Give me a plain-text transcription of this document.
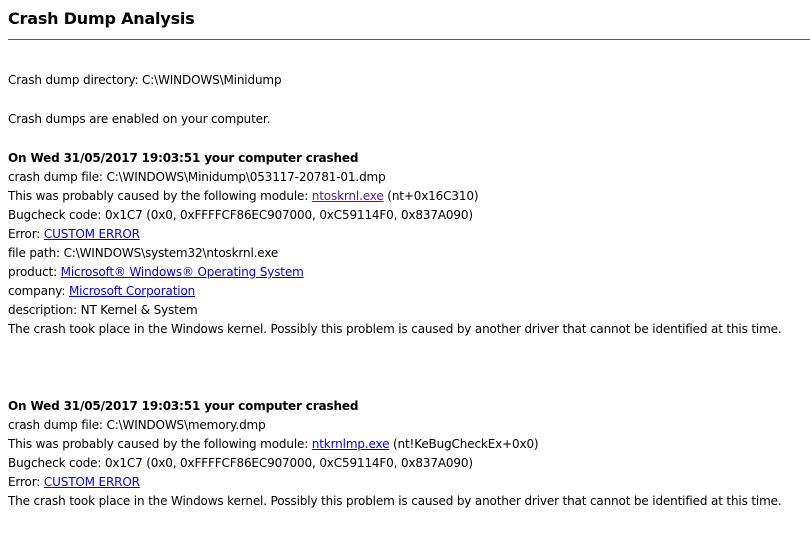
Crash Dump Analysis
Crash dump directory: C:\WINDOWS\Minidump
Crash dumps are enabled on your computer.
On Wed 31/05/2017 19:03:51 your computer crashed
crash dump file: C:\WINDOWS\Minidump\053117-20781-01.dmp
This was probably caused by the following module: ntoskrnl.exe (nt+0x16C310)
Bugcheck code: 0x1C7 (0x0, 0xFFFFCF86EC907000, 0xC59114F0, 0x837A090)
Error: CUSTOM ERROR
file path: C:\WINDOWS\system32\ntoskrnl.exe
product: Microsoft® Windows® Operating System
company: Microsoft Corporation
description: NT Kernel & System
The crash took place in the Windows kernel. Possibly this problem is caused by another driver that cannot be identified at this time.
On Wed 31/05/2017 19:03:51 your computer crashed
crash dump file: C:\WINDOWS\memory.dmp
This was probably caused by the following module: ntkrnlmp.exe (nt!KeBugCheckEx+0x0)
Bugcheck code: 0x1C7 (0x0, 0xFFFFCF86EC907000, 0xC59114F0, 0x837A090)
Error: CUSTOM ERROR
The crash took place in the Windows kernel. Possibly this problem is caused by another driver that cannot be identified at this time.
